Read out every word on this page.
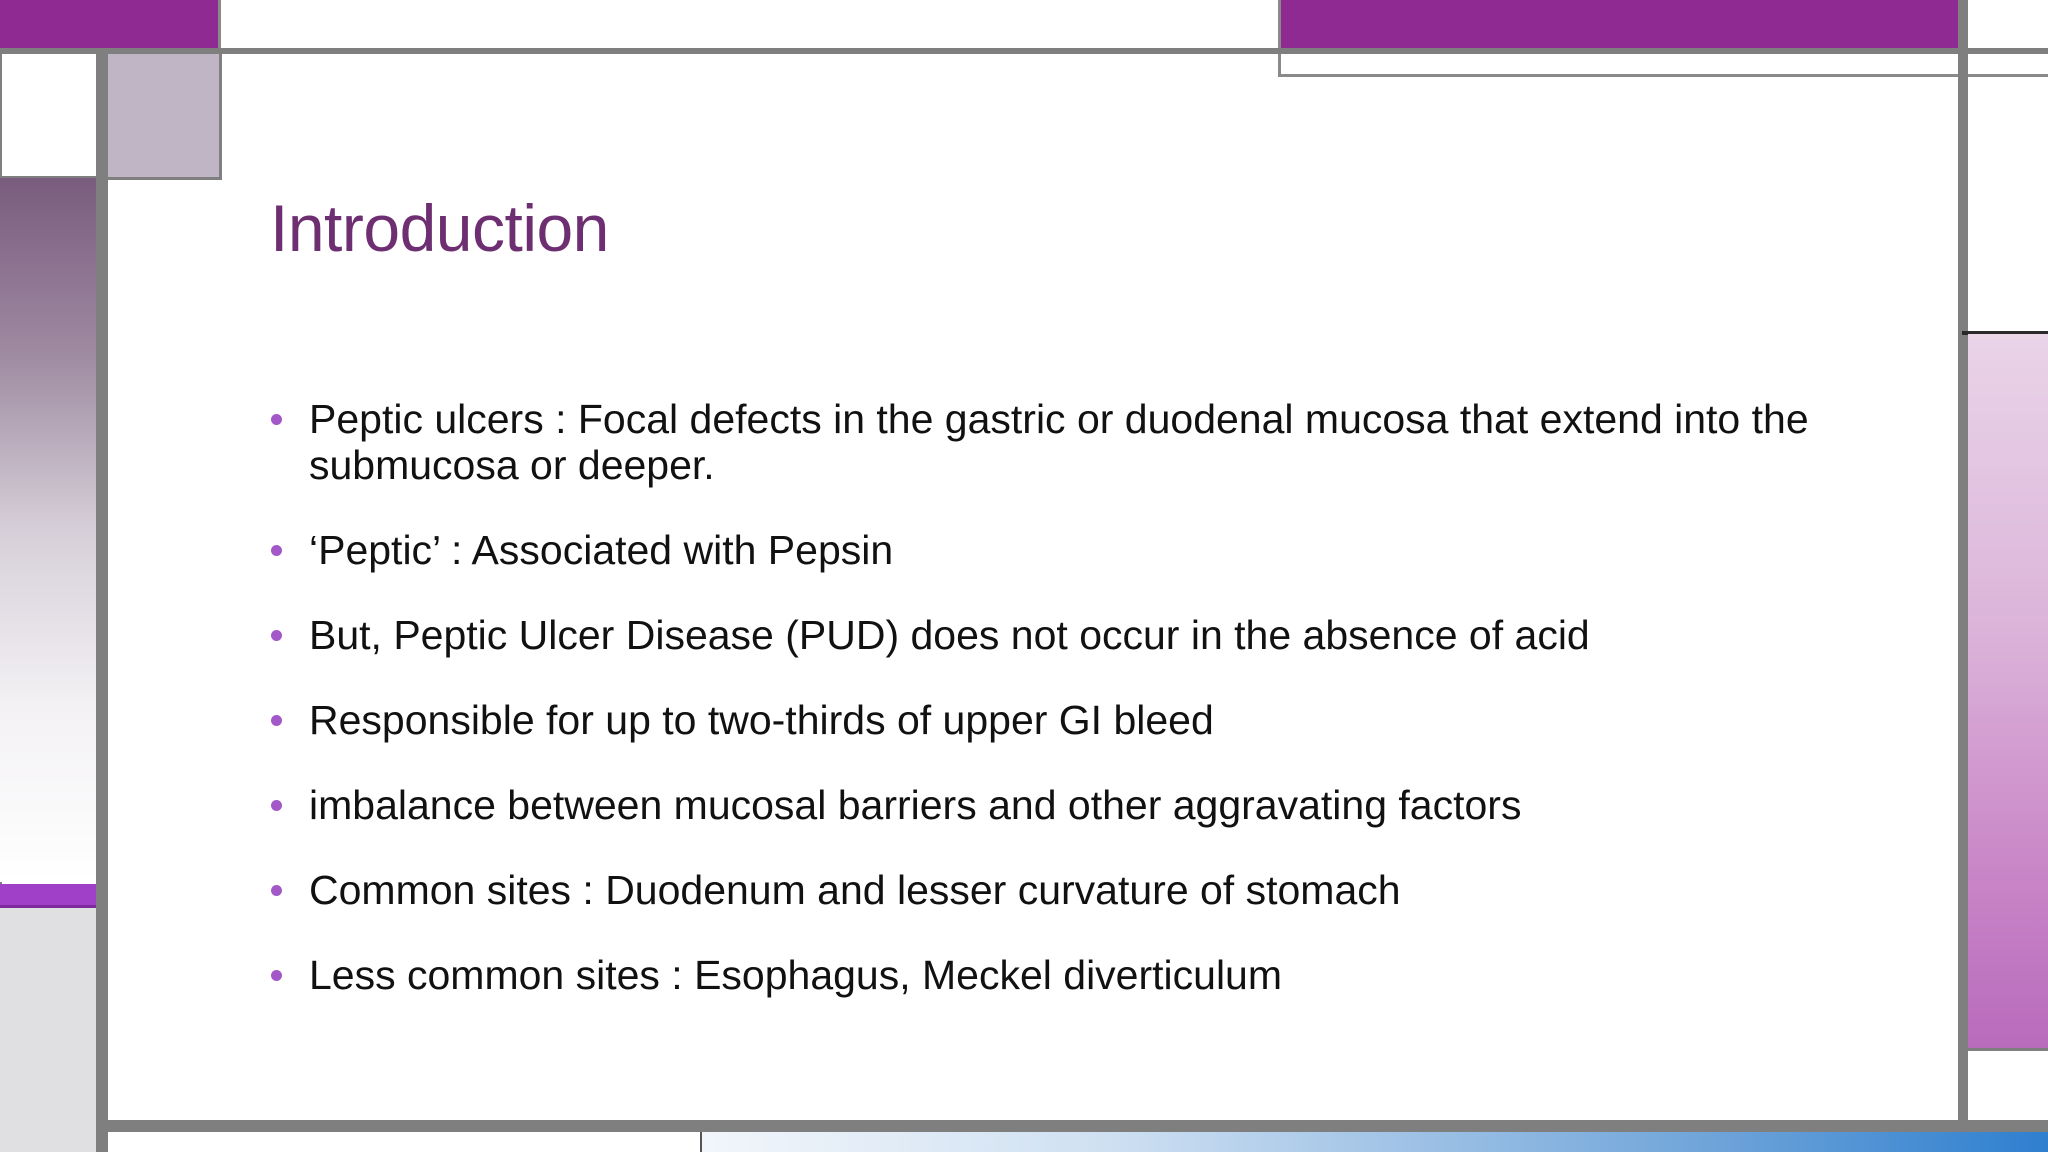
Introduction
Peptic ulcers : Focal defects in the gastric or duodenal mucosa that extend into the submucosa or deeper.
‘Peptic’ : Associated with Pepsin
But, Peptic Ulcer Disease (PUD) does not occur in the absence of acid
Responsible for up to two-thirds of upper GI bleed
imbalance between mucosal barriers and other aggravating factors
Common sites : Duodenum and lesser curvature of stomach
Less common sites : Esophagus, Meckel diverticulum
